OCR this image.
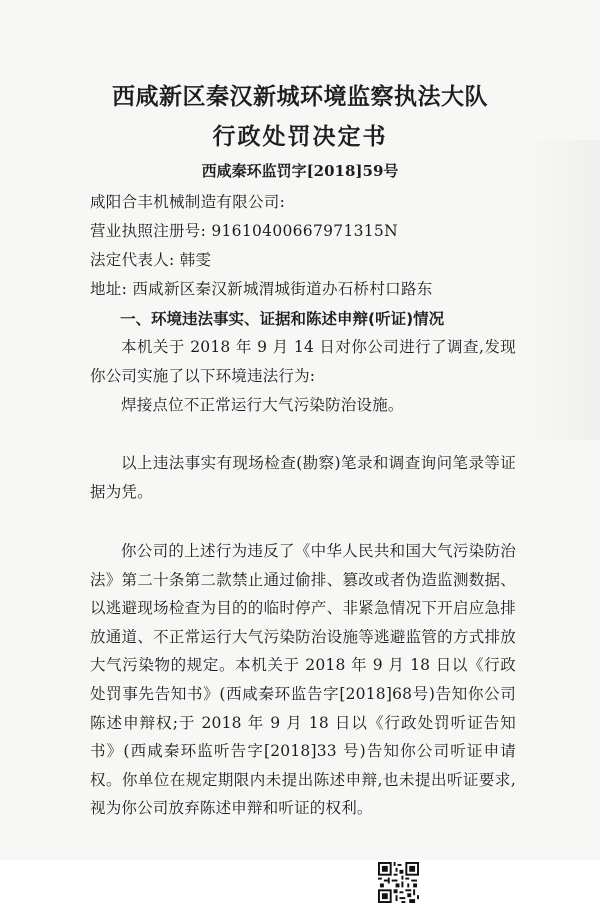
西咸新区秦汉新城环境监察执法大队
行政处罚决定书
西咸秦环监罚字[2018]59号
咸阳合丰机械制造有限公司:
营业执照注册号: 91610400667971315N
法定代表人: 韩雯
地址: 西咸新区秦汉新城渭城街道办石桥村口路东
一、环境违法事实、证据和陈述申辩(听证)情况
本机关于 2018 年 9 月 14 日对你公司进行了调查,发现你公司实施了以下环境违法行为:
焊接点位不正常运行大气污染防治设施。
以上违法事实有现场检查(勘察)笔录和调查询问笔录等证据为凭。
你公司的上述行为违反了《中华人民共和国大气污染防治法》第二十条第二款禁止通过偷排、篡改或者伪造监测数据、以逃避现场检查为目的的临时停产、非紧急情况下开启应急排放通道、不正常运行大气污染防治设施等逃避监管的方式排放大气污染物的规定。本机关于 2018 年 9 月 18 日以《行政处罚事先告知书》(西咸秦环监告字[2018]68号)告知你公司陈述申辩权;于 2018 年 9 月 18 日以《行政处罚听证告知书》(西咸秦环监听告字[2018]33 号)告知你公司听证申请权。你单位在规定期限内未提出陈述申辩,也未提出听证要求,视为你公司放弃陈述申辩和听证的权利。
